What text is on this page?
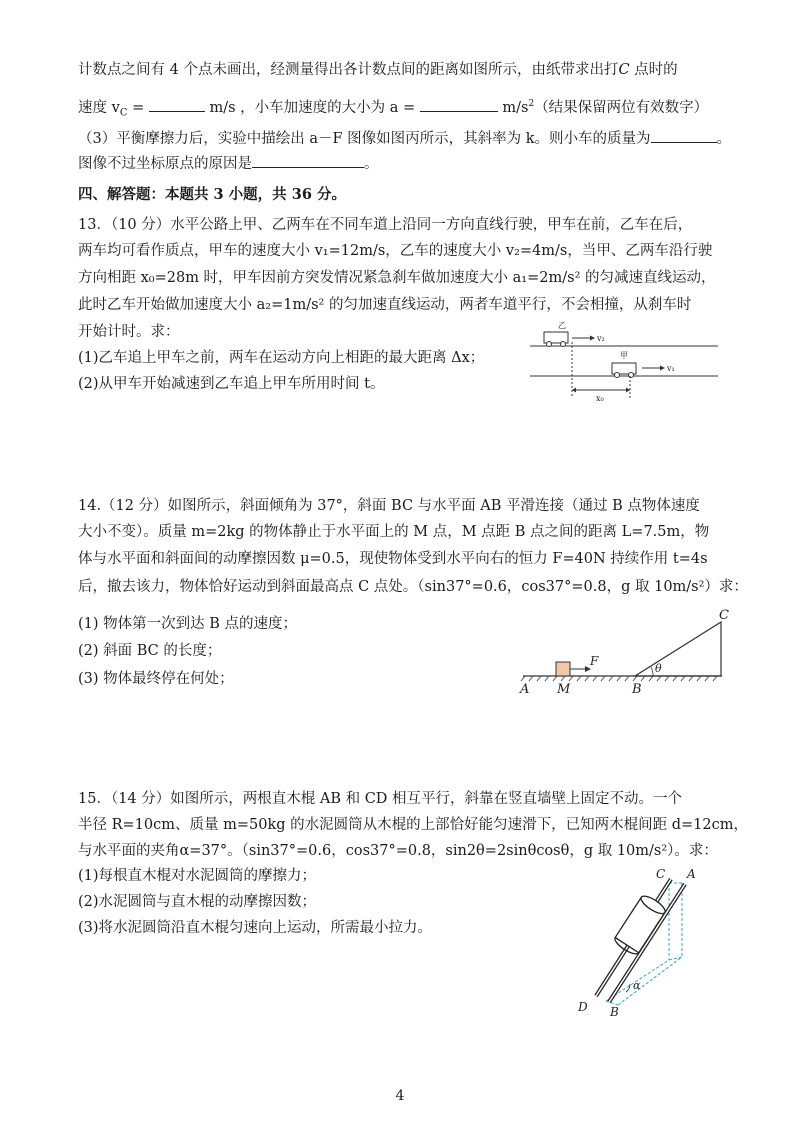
计数点之间有 4 个点未画出，经测量得出各计数点间的距离如图所示，由纸带求出打C 点时的
速度 $v_C$ =	m/s ，小车加速度的大小为 a =	$m/s^2$（结果保留两位有效数字）
（3）平衡摩擦力后，实验中描绘出 a－F 图像如图丙所示，其斜率为 k。则小车的质量为	。
图像不过坐标原点的原因是	。
四、解答题：本题共 3 小题，共 36 分。
13．（10 分）水平公路上甲、乙两车在不同车道上沿同一方向直线行驶，甲车在前，乙车在后，
两车均可看作质点，甲车的速度大小 v₁=12m/s，乙车的速度大小 v₂=4m/s，当甲、乙两车沿行驶
方向相距 x₀=28m 时，甲车因前方突发情况紧急刹车做加速度大小 a₁=2m/s² 的匀减速直线运动，
此时乙车开始做加速度大小 a₂=1m/s² 的匀加速直线运动，两者车道平行，不会相撞，从刹车时
开始计时。求：
(1)乙车追上甲车之前，两车在运动方向上相距的最大距离 Δx；
(2)从甲车开始减速到乙车追上甲车所用时间 t。
乙
v₂
甲
v₁
x₀
14.（12 分）如图所示，斜面倾角为 37°，斜面 BC 与水平面 AB 平滑连接（通过 B 点物体速度
大小不变）。质量 m=2kg 的物体静止于水平面上的 M 点，M 点距 B 点之间的距离 L=7.5m，物
体与水平面和斜面间的动摩擦因数 μ=0.5，现使物体受到水平向右的恒力 F=40N 持续作用 t=4s
后，撤去该力，物体恰好运动到斜面最高点 C 点处。（sin37°=0.6，cos37°=0.8，g 取 10m/s²）求：
(1) 物体第一次到达 B 点的速度；
(2) 斜面 BC 的长度；
(3) 物体最终停在何处；
θ
F
A M	B
C
15．（14 分）如图所示，两根直木棍 AB 和 CD 相互平行，斜靠在竖直墙壁上固定不动。一个
半径 R=10cm、质量 m=50kg 的水泥圆筒从木棍的上部恰好能匀速滑下，已知两木棍间距 d=12cm，
与水平面的夹角α=37°。（sin37°=0.6，cos37°=0.8，sin2θ=2sinθcosθ，g 取 10m/s²）。求：
(1)每根直木棍对水泥圆筒的摩擦力；
(2)水泥圆筒与直木棍的动摩擦因数；
(3)将水泥圆筒沿直木棍匀速向上运动，所需最小拉力。
α
C A
D B
4
